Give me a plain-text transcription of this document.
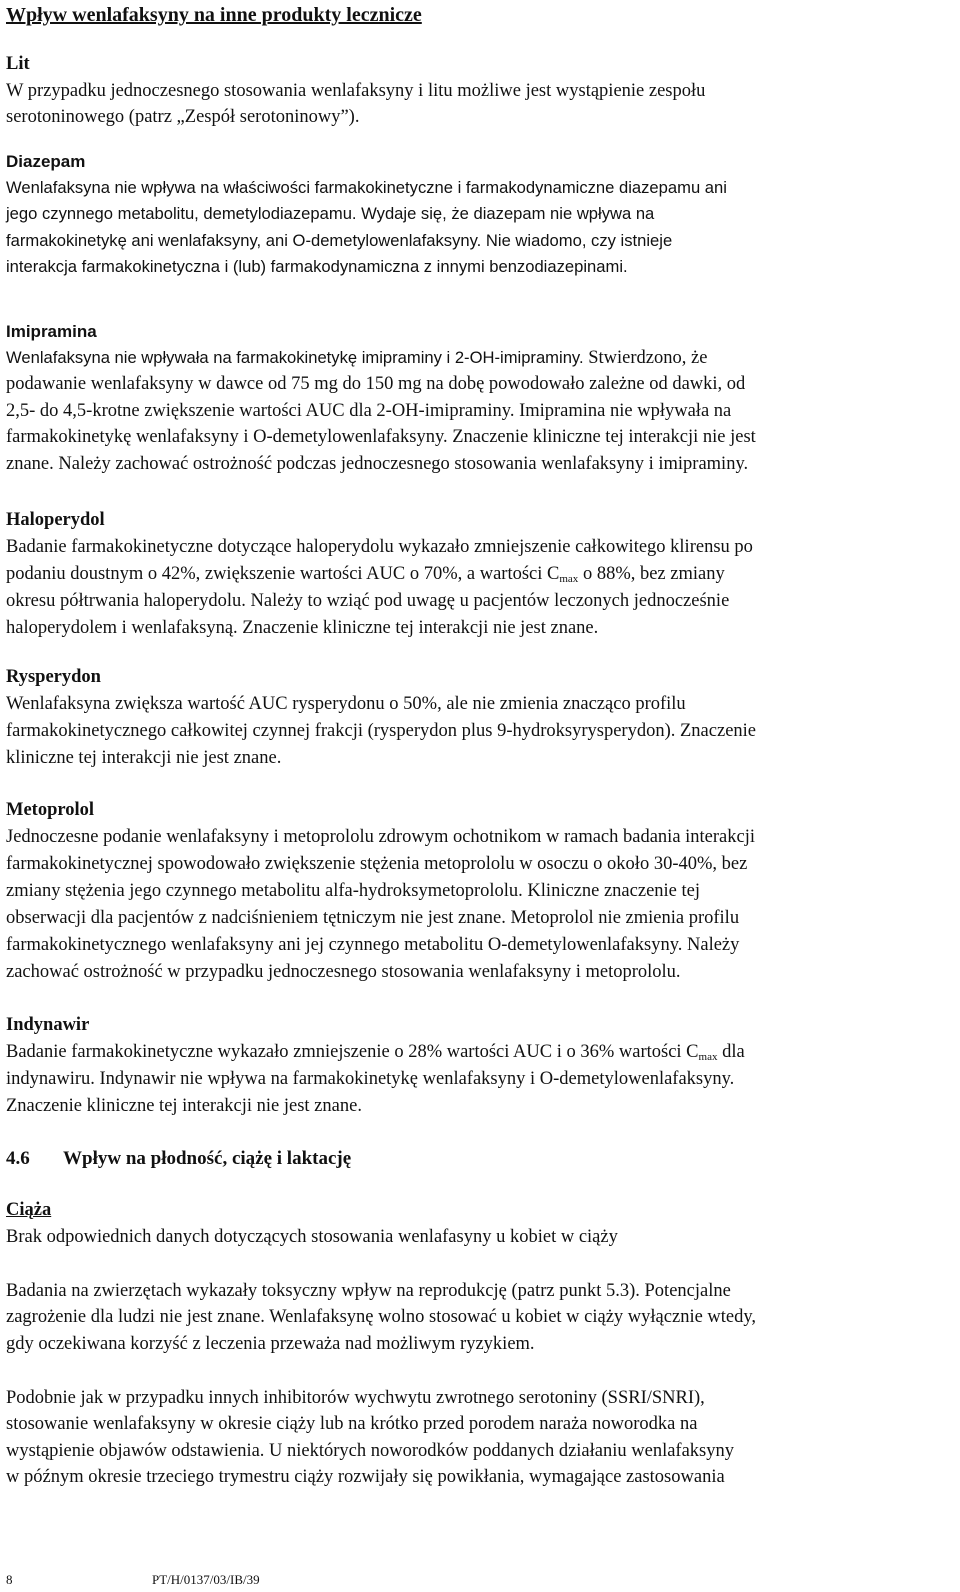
Wpływ wenlafaksyny na inne produkty lecznicze
Lit

W przypadku jednoczesnego stosowania wenlafaksyny i litu możliwe jest wystąpienie zespołu
serotoninowego (patrz „Zespół serotoninowy”).

Diazepam

Wenlafaksyna nie wpływa na właściwości farmakokinetyczne i farmakodynamiczne diazepamu ani
jego czynnego metabolitu, demetylodiazepamu. Wydaje się, że diazepam nie wpływa na
farmakokinetykę ani wenlafaksyny, ani O-demetylowenlafaksyny. Nie wiadomo, czy istnieje
interakcja farmakokinetyczna i (lub) farmakodynamiczna z innymi benzodiazepinami.

Imipramina

Wenlafaksyna nie wpływała na farmakokinetykę imipraminy i 2-OH-imipraminy. Stwierdzono, że

podawanie wenlafaksyny w dawce od 75 mg do 150 mg na dobę powodowało zależne od dawki, od
2,5- do 4,5-krotne zwiększenie wartości AUC dla 2-OH-imipraminy. Imipramina nie wpływała na
farmakokinetykę wenlafaksyny i O-demetylowenlafaksyny. Znaczenie kliniczne tej interakcji nie jest
znane. Należy zachować ostrożność podczas jednoczesnego stosowania wenlafaksyny i imipraminy.

Haloperydol

Badanie farmakokinetyczne dotyczące haloperydolu wykazało zmniejszenie całkowitego klirensu po
podaniu doustnym o 42%, zwiększenie wartości AUC o 70%, a wartości $C_{max}$ o 88%, bez zmiany
okresu półtrwania haloperydolu. Należy to wziąć pod uwagę u pacjentów leczonych jednocześnie
haloperydolem i wenlafaksyną. Znaczenie kliniczne tej interakcji nie jest znane.

Rysperydon

Wenlafaksyna zwiększa wartość AUC rysperydonu o 50%, ale nie zmienia znacząco profilu
farmakokinetycznego całkowitej czynnej frakcji (rysperydon plus 9-hydroksyrysperydon). Znaczenie
kliniczne tej interakcji nie jest znane.

Metoprolol

Jednoczesne podanie wenlafaksyny i metoprololu zdrowym ochotnikom w ramach badania interakcji
farmakokinetycznej spowodowało zwiększenie stężenia metoprololu w osoczu o około 30-40%, bez
zmiany stężenia jego czynnego metabolitu alfa-hydroksymetoprololu. Kliniczne znaczenie tej
obserwacji dla pacjentów z nadciśnieniem tętniczym nie jest znane. Metoprolol nie zmienia profilu
farmakokinetycznego wenlafaksyny ani jej czynnego metabolitu O-demetylowenlafaksyny. Należy
zachować ostrożność w przypadku jednoczesnego stosowania wenlafaksyny i metoprololu.

Indynawir

Badanie farmakokinetyczne wykazało zmniejszenie o 28% wartości AUC i o 36% wartości $C_{max}$ dla
indynawiru. Indynawir nie wpływa na farmakokinetykę wenlafaksyny i O-demetylowenlafaksyny.
Znaczenie kliniczne tej interakcji nie jest znane.

4.6 Wpływ na płodność, ciążę i laktację
Ciąża

Brak odpowiednich danych dotyczących stosowania wenlafasyny u kobiet w ciąży

Badania na zwierzętach wykazały toksyczny wpływ na reprodukcję (patrz punkt 5.3). Potencjalne
zagrożenie dla ludzi nie jest znane. Wenlafaksynę wolno stosować u kobiet w ciąży wyłącznie wtedy,
gdy oczekiwana korzyść z leczenia przeważa nad możliwym ryzykiem.

Podobnie jak w przypadku innych inhibitorów wychwytu zwrotnego serotoniny (SSRI/SNRI),
stosowanie wenlafaksyny w okresie ciąży lub na krótko przed porodem naraża noworodka na
wystąpienie objawów odstawienia. U niektórych noworodków poddanych działaniu wenlafaksyny
w późnym okresie trzeciego trymestru ciąży rozwijały się powikłania, wymagające zastosowania

8	PT/H/0137/03/IB/39
